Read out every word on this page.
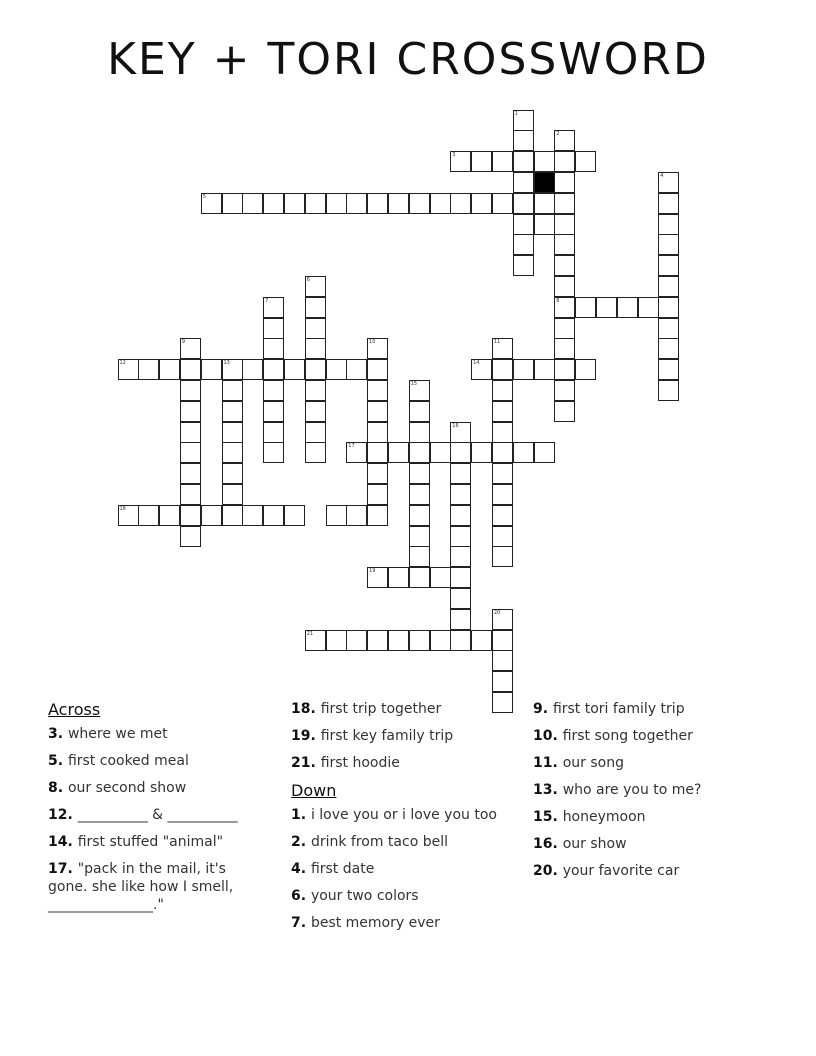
KEY + TORI CROSSWORD
3
5
4
8
6
7
9
13
12
10
14
11
15
16
17
18
19
21
20
1
2
Across
3. where we met
5. first cooked meal
8. our second show
12. __________ & __________
14. first stuffed "animal"
17. "pack in the mail, it's gone. she like how I smell, _______________."
18. first trip together
19. first key family trip
21. first hoodie
Down
1. i love you or i love you too
2. drink from taco bell
4. first date
6. your two colors
7. best memory ever
9. first tori family trip
10. first song together
11. our song
13. who are you to me?
15. honeymoon
16. our show
20. your favorite car
